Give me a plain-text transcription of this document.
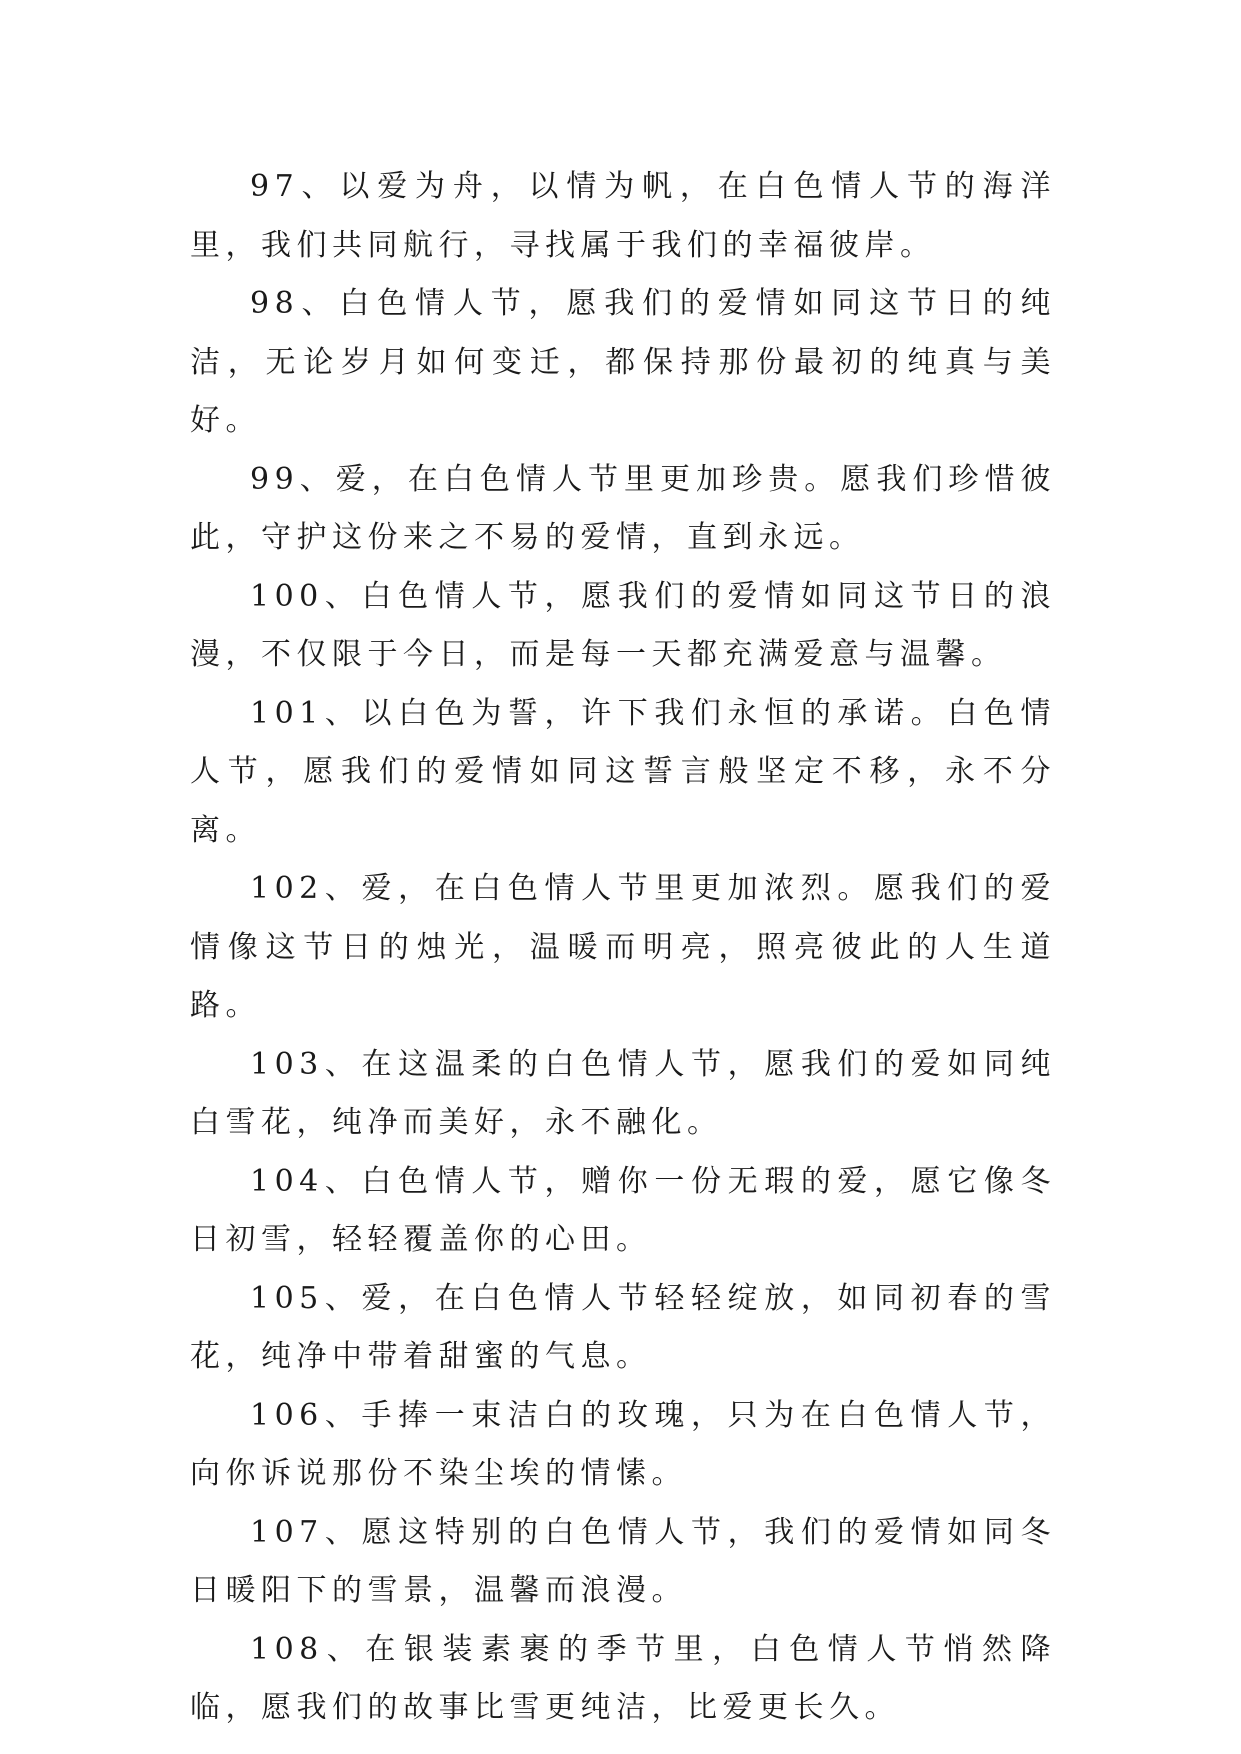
97、以爱为舟，以情为帆，在白色情人节的海洋里，我们共同航行，寻找属于我们的幸福彼岸。

98、白色情人节，愿我们的爱情如同这节日的纯洁，无论岁月如何变迁，都保持那份最初的纯真与美好。

99、爱，在白色情人节里更加珍贵。愿我们珍惜彼此，守护这份来之不易的爱情，直到永远。

100、白色情人节，愿我们的爱情如同这节日的浪漫，不仅限于今日，而是每一天都充满爱意与温馨。

101、以白色为誓，许下我们永恒的承诺。白色情人节，愿我们的爱情如同这誓言般坚定不移，永不分离。

102、爱，在白色情人节里更加浓烈。愿我们的爱情像这节日的烛光，温暖而明亮，照亮彼此的人生道路。

103、在这温柔的白色情人节，愿我们的爱如同纯白雪花，纯净而美好，永不融化。

104、白色情人节，赠你一份无瑕的爱，愿它像冬日初雪，轻轻覆盖你的心田。

105、爱，在白色情人节轻轻绽放，如同初春的雪花，纯净中带着甜蜜的气息。

106、手捧一束洁白的玫瑰，只为在白色情人节，向你诉说那份不染尘埃的情愫。

107、愿这特别的白色情人节，我们的爱情如同冬日暖阳下的雪景，温馨而浪漫。

108、在银装素裹的季节里，白色情人节悄然降临，愿我们的故事比雪更纯洁，比爱更长久。
